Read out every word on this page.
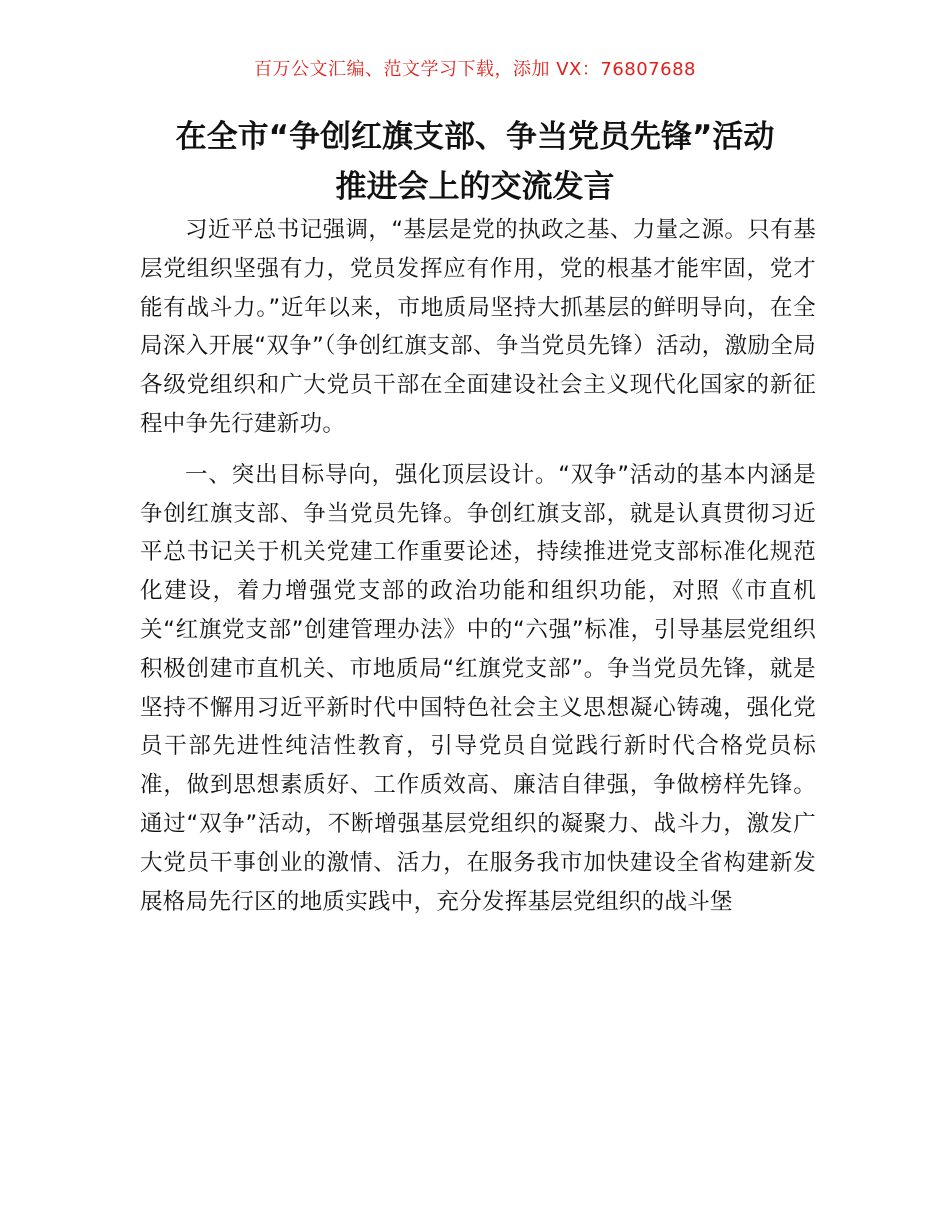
百万公文汇编、范文学习下载，添加 VX：76807688
在全市“争创红旗支部、争当党员先锋”活动
推进会上的交流发言

习近平总书记强调，“基层是党的执政之基、力量之源。只有基层党组织坚强有力，党员发挥应有作用，党的根基才能牢固，党才能有战斗力。”近年以来，市地质局坚持大抓基层的鲜明导向，在全局深入开展“双争”（争创红旗支部、争当党员先锋）活动，激励全局各级党组织和广大党员干部在全面建设社会主义现代化国家的新征程中争先行建新功。

一、突出目标导向，强化顶层设计。“双争”活动的基本内涵是争创红旗支部、争当党员先锋。争创红旗支部，就是认真贯彻习近平总书记关于机关党建工作重要论述，持续推进党支部标准化规范化建设，着力增强党支部的政治功能和组织功能，对照《市直机关“红旗党支部”创建管理办法》中的“六强”标准，引导基层党组织积极创建市直机关、市地质局“红旗党支部”。争当党员先锋，就是坚持不懈用习近平新时代中国特色社会主义思想凝心铸魂，强化党员干部先进性纯洁性教育，引导党员自觉践行新时代合格党员标准，做到思想素质好、工作质效高、廉洁自律强，争做榜样先锋。通过“双争”活动，不断增强基层党组织的凝聚力、战斗力，激发广大党员干事创业的激情、活力，在服务我市加快建设全省构建新发展格局先行区的地质实践中，充分发挥基层党组织的战斗堡
